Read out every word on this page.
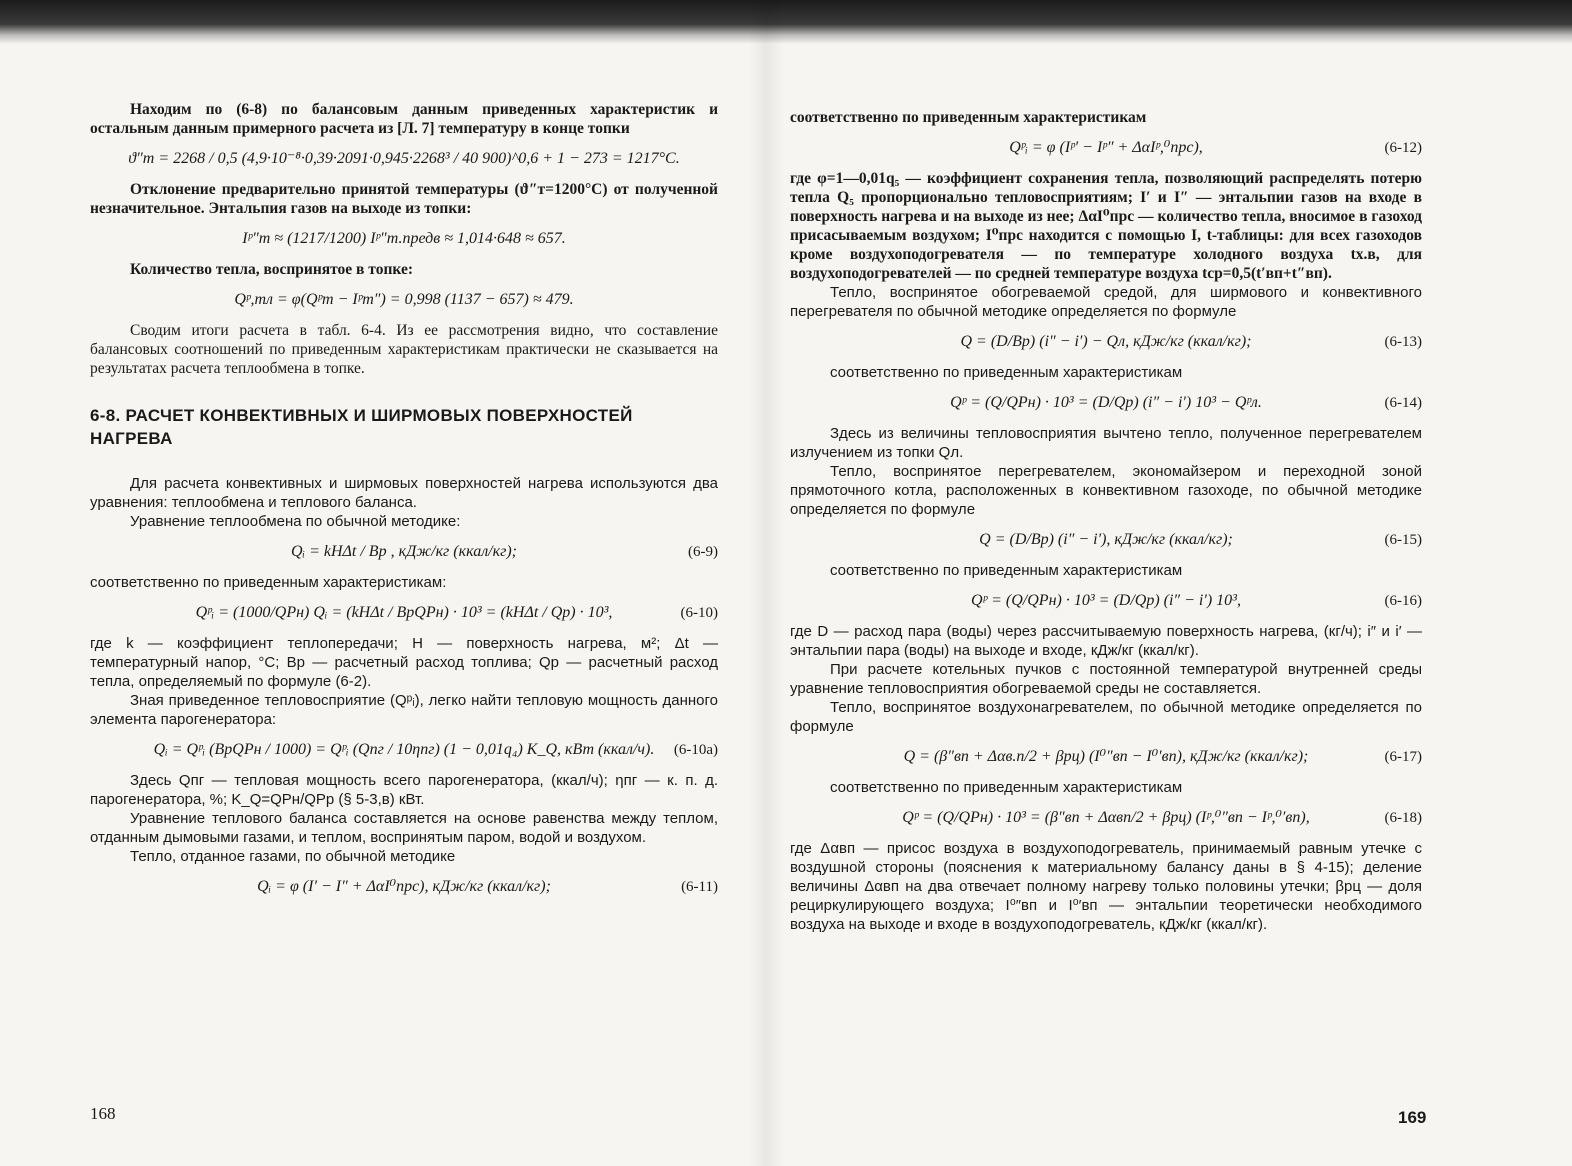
Находим по (6-8) по балансовым данным приведенных характеристик и остальным данным примерного расчета из [Л. 7] температуру в конце топки

ϑ″т = 2268 / 0,5 (4,9·10⁻⁸·0,39·2091·0,945·2268³ / 40 900)^0,6 + 1 − 273 = 1217°C.

Отклонение предварительно принятой температуры (ϑ″т=1200°C) от полученной незначительное. Энтальпия газов на выходе из топки:

Iᵖ″т ≈ (1217/1200) Iᵖ″т.предв ≈ 1,014·648 ≈ 657.

Количество тепла, воспринятое в топке:

Qᵖ,тл = φ(Qᵖт − Iᵖт″) = 0,998 (1137 − 657) ≈ 479.

Сводим итоги расчета в табл. 6-4. Из ее рассмотрения видно, что составление балансовых соотношений по приведенным характеристикам практически не сказывается на результатах расчета теплообмена в топке.

6-8. РАСЧЕТ КОНВЕКТИВНЫХ И ШИРМОВЫХ ПОВЕРХНОСТЕЙ НАГРЕВА

Для расчета конвективных и ширмовых поверхностей нагрева используются два уравнения: теплообмена и теплового баланса.

Уравнение теплообмена по обычной методике:

Qᵢ = kHΔt / Bр , кДж/кг (ккал/кг);	(6-9)

соответственно по приведенным характеристикам:

Qᵖᵢ = (1000/QPн) Qᵢ = (kHΔt / BрQPн) · 10³ = (kHΔt / Qр) · 10³,	(6-10)

где k — коэффициент теплопередачи; H — поверхность нагрева, м²; Δt — температурный напор, °C; Bр — расчетный расход топлива; Qр — расчетный расход тепла, определяемый по формуле (6-2).

Зная приведенное тепловосприятие (Qᵖᵢ), легко найти тепловую мощность данного элемента парогенератора:

Qᵢ = Qᵖᵢ (BрQPн / 1000) = Qᵖᵢ (Qпг / 10ηпг) (1 − 0,01q₄) K_Q, кВт (ккал/ч). (6-10a)

Здесь Qпг — тепловая мощность всего парогенератора, (ккал/ч); ηпг — к. п. д. парогенератора, %; K_Q=QPн/QPр (§ 5-3,в) кВт.

Уравнение теплового баланса составляется на основе равенства между теплом, отданным дымовыми газами, и теплом, воспринятым паром, водой и воздухом.

Тепло, отданное газами, по обычной методике

Qᵢ = φ (I′ − I″ + ΔαI⁰прс), кДж/кг (ккал/кг);	(6-11)
168

соответственно по приведенным характеристикам

Qᵖᵢ = φ (Iᵖ′ − Iᵖ″ + ΔαIᵖ,⁰прс),	(6-12)

где φ=1—0,01q₅ — коэффициент сохранения тепла, позволяющий распределять потерю тепла Q₅ пропорционально тепловосприятиям; I′ и I″ — энтальпии газов на входе в поверхность нагрева и на выходе из нее; ΔαI⁰прс — количество тепла, вносимое в газоход присасываемым воздухом; I⁰прс находится с помощью I, t-таблицы: для всех газоходов кроме воздухоподогревателя — по температуре холодного воздуха tх.в, для воздухоподогревателей — по средней температуре воздуха tср=0,5(t′вп+t″вп).

Тепло, воспринятое обогреваемой средой, для ширмового и конвективного перегревателя по обычной методике определяется по формуле

Q = (D/Bр) (i″ − i′) − Qл, кДж/кг (ккал/кг);	(6-13)

соответственно по приведенным характеристикам

Qᵖ = (Q/QPн) · 10³ = (D/Qр) (i″ − i′) 10³ − Qᵖл.	(6-14)

Здесь из величины тепловосприятия вычтено тепло, полученное перегревателем излучением из топки Qл.

Тепло, воспринятое перегревателем, экономайзером и переходной зоной прямоточного котла, расположенных в конвективном газоходе, по обычной методике определяется по формуле

Q = (D/Bр) (i″ − i′), кДж/кг (ккал/кг);	(6-15)

соответственно по приведенным характеристикам

Qᵖ = (Q/QPн) · 10³ = (D/Qр) (i″ − i′) 10³,	(6-16)

где D — расход пара (воды) через рассчитываемую поверхность нагрева, (кг/ч); i″ и i′ — энтальпии пара (воды) на выходе и входе, кДж/кг (ккал/кг).

При расчете котельных пучков с постоянной температурой внутренней среды уравнение тепловосприятия обогреваемой среды не составляется.

Тепло, воспринятое воздухонагревателем, по обычной методике определяется по формуле

Q = (β″вп + Δαв.п/2 + βрц) (I⁰″вп − I⁰′вп), кДж/кг (ккал/кг);	(6-17)

соответственно по приведенным характеристикам

Qᵖ = (Q/QPн) · 10³ = (β″вп + Δαвп/2 + βрц) (Iᵖ,⁰″вп − Iᵖ,⁰′вп),	(6-18)

где Δαвп — присос воздуха в воздухоподогреватель, принимаемый равным утечке с воздушной стороны (пояснения к материальному балансу даны в § 4-15); деление величины Δαвп на два отвечает полному нагреву только половины утечки; βрц — доля рециркулирующего воздуха; I⁰″вп и I⁰′вп — энтальпии теоретически необходимого воздуха на выходе и входе в воздухоподогреватель, кДж/кг (ккал/кг).

169
